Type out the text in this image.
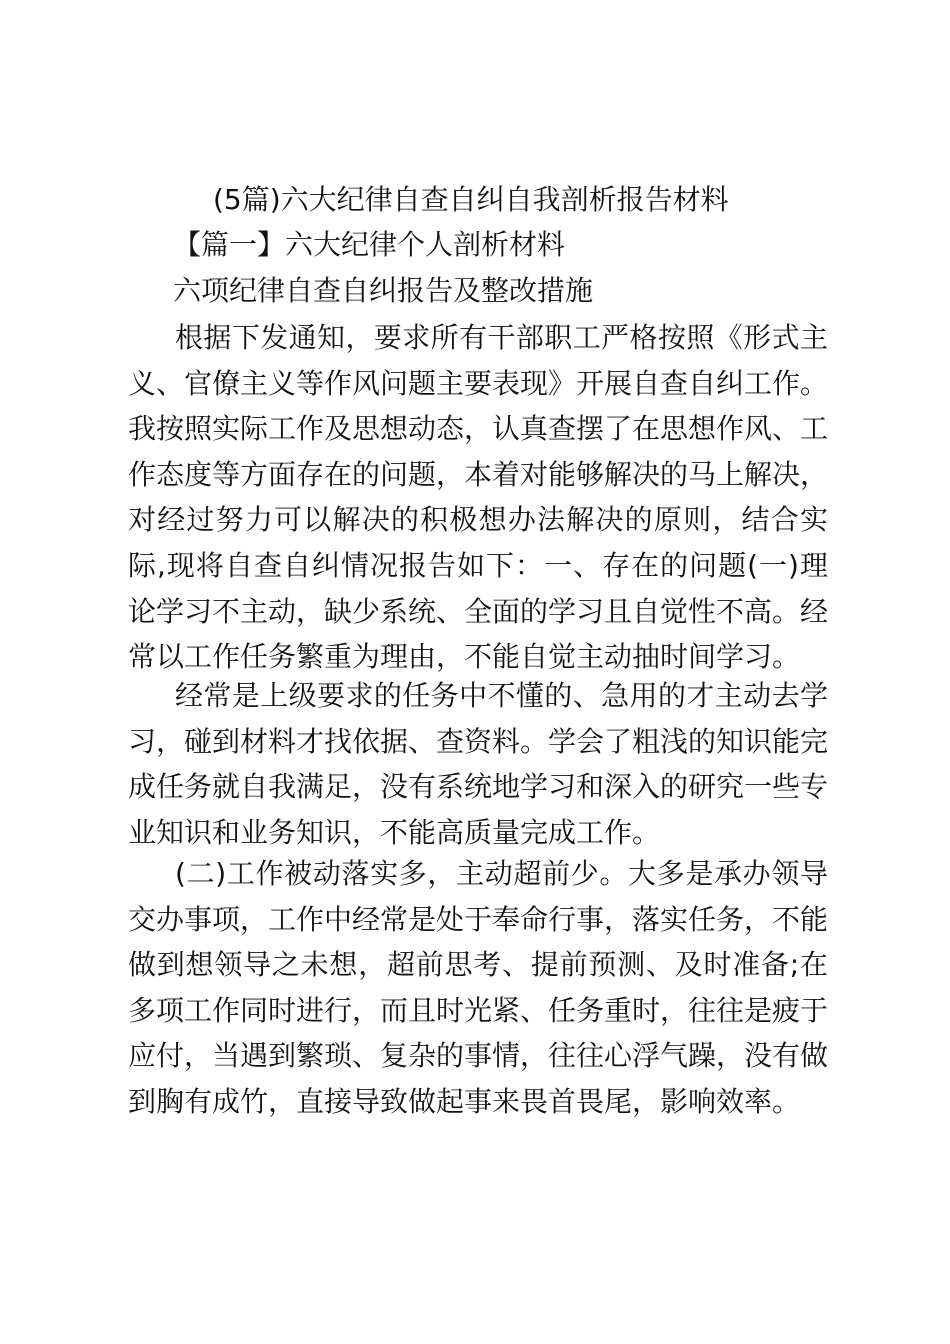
(5篇)六大纪律自查自纠自我剖析报告材料
【篇一】六大纪律个人剖析材料
六项纪律自查自纠报告及整改措施

根据下发通知，要求所有干部职工严格按照《形式主义、官僚主义等作风问题主要表现》开展自查自纠工作。我按照实际工作及思想动态，认真查摆了在思想作风、工作态度等方面存在的问题，本着对能够解决的马上解决，对经过努力可以解决的积极想办法解决的原则，结合实际,现将自查自纠情况报告如下：一、存在的问题(一)理论学习不主动，缺少系统、全面的学习且自觉性不高。经常以工作任务繁重为理由，不能自觉主动抽时间学习。

经常是上级要求的任务中不懂的、急用的才主动去学习，碰到材料才找依据、查资料。学会了粗浅的知识能完成任务就自我满足，没有系统地学习和深入的研究一些专业知识和业务知识，不能高质量完成工作。

(二)工作被动落实多，主动超前少。大多是承办领导交办事项，工作中经常是处于奉命行事，落实任务，不能做到想领导之未想，超前思考、提前预测、及时准备;在多项工作同时进行，而且时光紧、任务重时，往往是疲于应付，当遇到繁琐、复杂的事情，往往心浮气躁，没有做到胸有成竹，直接导致做起事来畏首畏尾，影响效率。
